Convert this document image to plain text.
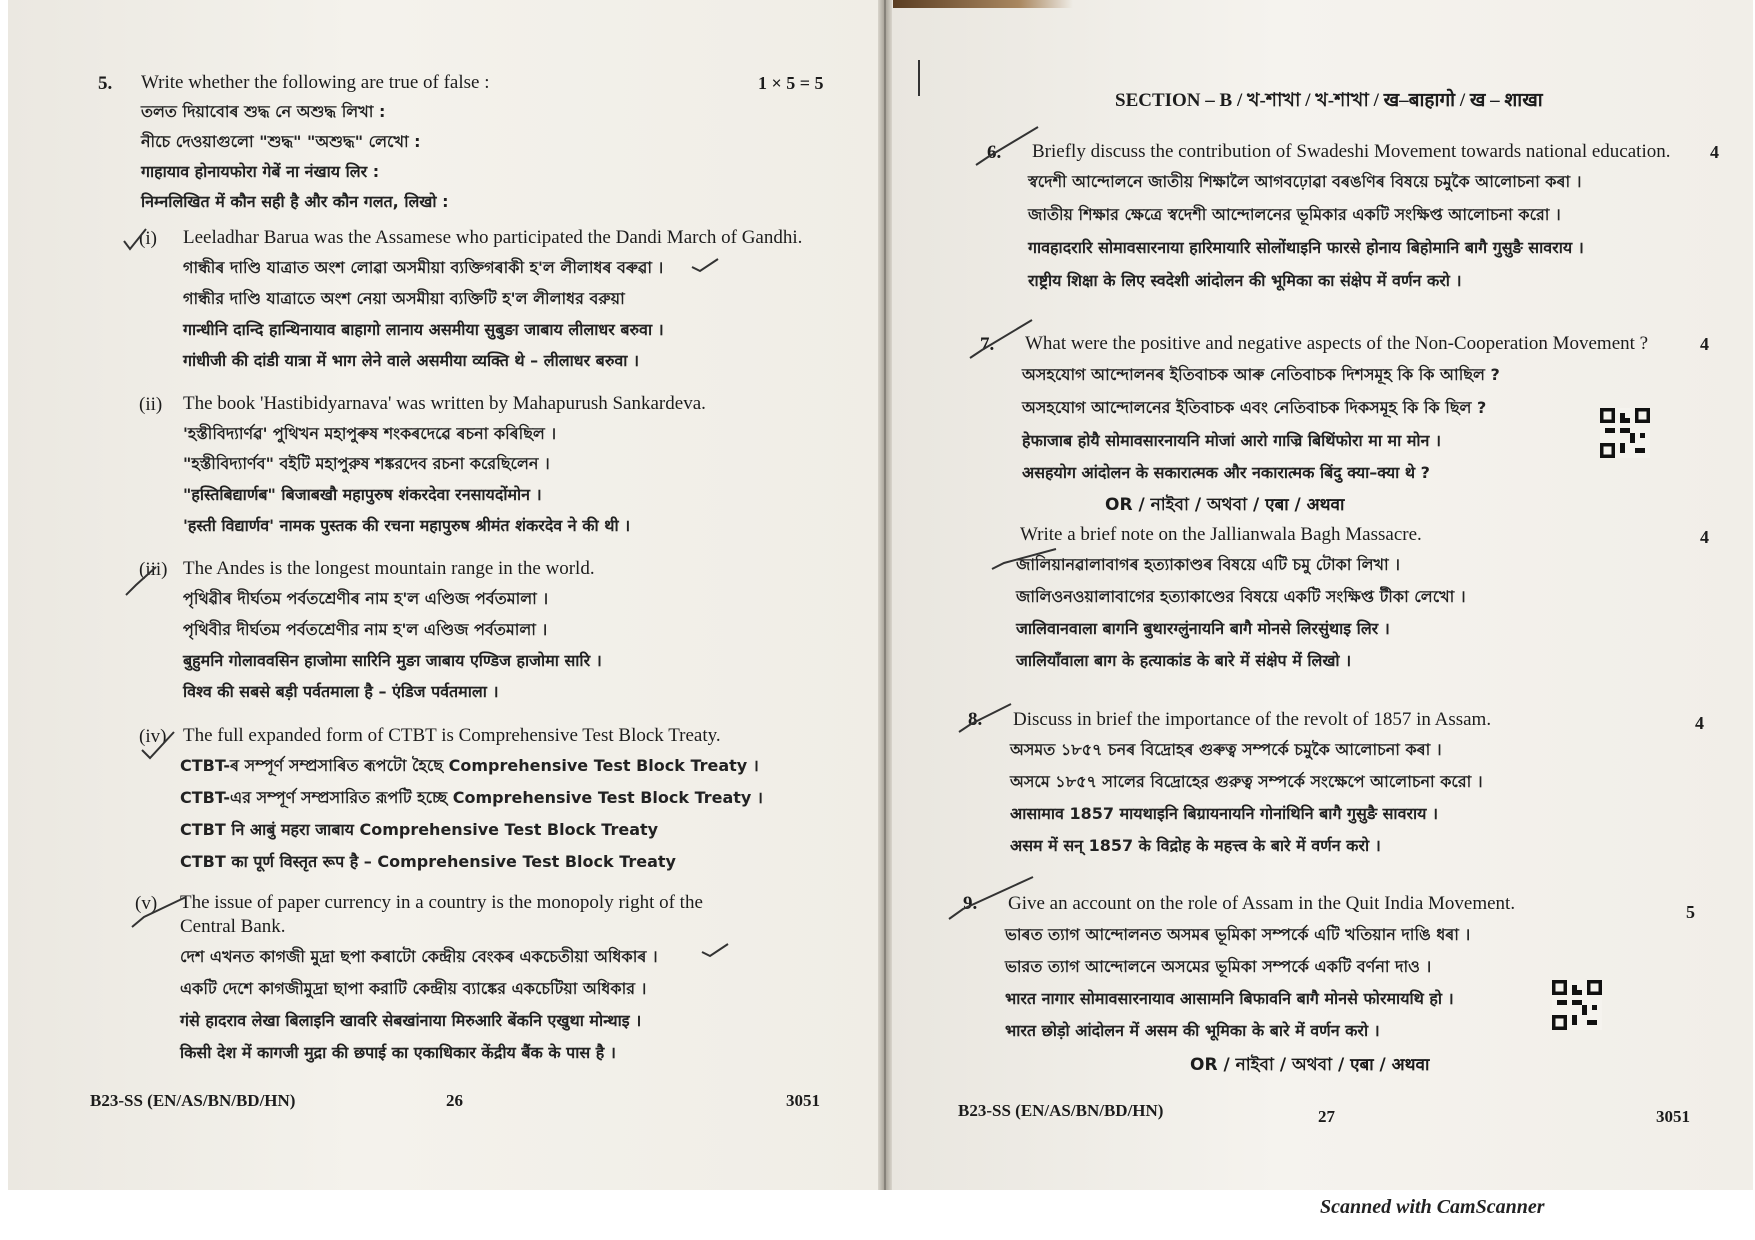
5. Write whether the following are true of false :	1 × 5 = 5
তলত দিয়াবোৰ শুদ্ধ নে অশুদ্ধ লিখা :
নীচে দেওয়াগুলো "শুদ্ধ" "অশুদ্ধ" লেখো :
गाहायाव होनायफोरा गेबें ना नंखाय लिर :
निम्नलिखित में कौन सही है और कौन गलत, लिखो :
(i) Leeladhar Barua was the Assamese who participated the Dandi March of Gandhi.
গান্ধীৰ দাণ্ডি যাত্ৰাত অংশ লোৱা অসমীয়া ব্যক্তিগৰাকী হ'ল লীলাধৰ বৰুৱা ।
গান্ধীর দাণ্ডি যাত্রাতে অংশ নেয়া অসমীয়া ব্যক্তিটি হ'ল লীলাধর বরুয়া
गान्धीनि दान्दि हान्थिनायाव बाहागो लानाय असमीया सुबुङा जाबाय लीलाधर बरुवा ।
गांधीजी की दांडी यात्रा में भाग लेने वाले असमीया व्यक्ति थे – लीलाधर बरुवा ।
(ii) The book 'Hastibidyarnava' was written by Mahapurush Sankardeva.
'হস্তীবিদ্যাৰ্ণৱ' পুথিখন মহাপুৰুষ শংকৰদেৱে ৰচনা কৰিছিল ।
"হস্তীবিদ্যার্ণব" বইটি মহাপুরুষ শঙ্করদেব রচনা করেছিলেন ।
"हस्तिबिद्यार्णब" बिजाबखौ महापुरुष शंकरदेवा रनसायदोंमोन ।
'हस्ती विद्यार्णव' नामक पुस्तक की रचना महापुरुष श्रीमंत शंकरदेव ने की थी ।
(iii) The Andes is the longest mountain range in the world.
পৃথিৱীৰ দীৰ্ঘতম পৰ্বতশ্ৰেণীৰ নাম হ'ল এণ্ডিজ পৰ্বতমালা ।
পৃথিবীর দীর্ঘতম পর্বতশ্রেণীর নাম হ'ল এণ্ডিজ পর্বতমালা ।
बुहुमनि गोलाववसिन हाजोमा सारिनि मुङा जाबाय एण्डिज हाजोमा सारि ।
विश्व की सबसे बड़ी पर्वतमाला है – एंडिज पर्वतमाला ।
(iv) The full expanded form of CTBT is Comprehensive Test Block Treaty.
CTBT-ৰ সম্পূৰ্ণ সম্প্ৰসাৰিত ৰূপটো হৈছে Comprehensive Test Block Treaty ।
CTBT-এর সম্পূর্ণ সম্প্রসারিত রূপটি হচ্ছে Comprehensive Test Block Treaty ।
CTBT नि आबुं महरा जाबाय Comprehensive Test Block Treaty
CTBT का पूर्ण विस्तृत रूप है – Comprehensive Test Block Treaty
(v) The issue of paper currency in a country is the monopoly right of the
Central Bank.
দেশ এখনত কাগজী মুদ্ৰা ছপা কৰাটো কেন্দ্ৰীয় বেংকৰ একচেতীয়া অধিকাৰ ।
একটি দেশে কাগজীমুদ্রা ছাপা করাটি কেন্দ্রীয় ব্যাঙ্কের একচেটিয়া অধিকার ।
गंसे हादराव लेखा बिलाइनि खावरि सेबखांनाया मिरुआरि बेंकनि एखुथा मोन्थाइ ।
किसी देश में कागजी मुद्रा की छपाई का एकाधिकार केंद्रीय बैंक के पास है ।
B23-SS (EN/AS/BN/BD/HN)	26	3051
SECTION – B / খ-শাখা / খ-শাখা / ख–बाहागो / ख – शाखा
6. Briefly discuss the contribution of Swadeshi Movement towards national education. 4
স্বদেশী আন্দোলনে জাতীয় শিক্ষালৈ আগবঢ়োৱা বৰঙণিৰ বিষয়ে চমুকৈ আলোচনা কৰা ।
জাতীয় শিক্ষার ক্ষেত্রে স্বদেশী আন্দোলনের ভূমিকার একটি সংক্ষিপ্ত আলোচনা করো ।
गावहादरारि सोमावसारनाया हारिमायारि सोलोंथाइनि फारसे होनाय बिहोमानि बागै गुसुङै सावराय ।
राष्ट्रीय शिक्षा के लिए स्वदेशी आंदोलन की भूमिका का संक्षेप में वर्णन करो ।
7. What were the positive and negative aspects of the Non-Cooperation Movement ?	4
অসহযোগ আন্দোলনৰ ইতিবাচক আৰু নেতিবাচক দিশসমূহ কি কি আছিল ?
অসহযোগ আন্দোলনের ইতিবাচক এবং নেতিবাচক দিকসমূহ কি কি ছিল ?
हेफाजाब होयै सोमावसारनायनि मोजां आरो गाज्रि बिथिंफोरा मा मा मोन ।
असहयोग आंदोलन के सकारात्मक और नकारात्मक बिंदु क्या–क्या थे ?
OR / নাইবা / অথবা / एबा / अथवा
Write a brief note on the Jallianwala Bagh Massacre.	4
জালিয়ানৱালাবাগৰ হত্যাকাণ্ডৰ বিষয়ে এটি চমু টোকা লিখা ।
জালিওনওয়ালাবাগের হত্যাকাণ্ডের বিষয়ে একটি সংক্ষিপ্ত টীকা লেখো ।
जालिवानवाला बागनि बुथारग्लुंनायनि बागै मोनसे लिरसुंथाइ लिर ।
जालियाँवाला बाग के हत्याकांड के बारे में संक्षेप में लिखो ।
8. Discuss in brief the importance of the revolt of 1857 in Assam.	4
অসমত ১৮৫৭ চনৰ বিদ্ৰোহৰ গুৰুত্ব সম্পৰ্কে চমুকৈ আলোচনা কৰা ।
অসমে ১৮৫৭ সালের বিদ্রোহের গুরুত্ব সম্পর্কে সংক্ষেপে আলোচনা করো ।
आसामाव 1857 मायथाइनि बिग्रायनायनि गोनांथिनि बागै गुसुङै सावराय ।
असम में सन् 1857 के विद्रोह के महत्त्व के बारे में वर्णन करो ।
9. Give an account on the role of Assam in the Quit India Movement.	5
ভাৰত ত্যাগ আন্দোলনত অসমৰ ভূমিকা সম্পৰ্কে এটি খতিয়ান দাঙি ধৰা ।
ভারত ত্যাগ আন্দোলনে অসমের ভূমিকা সম্পর্কে একটি বর্ণনা দাও ।
भारत नागार सोमावसारनायाव आसामनि बिफावनि बागै मोनसे फोरमायथि हो ।
भारत छोड़ो आंदोलन में असम की भूमिका के बारे में वर्णन करो ।
OR / নাইবা / অথবা / एबा / अथवा
B23-SS (EN/AS/BN/BD/HN)	27	3051
Scanned with CamScanner
